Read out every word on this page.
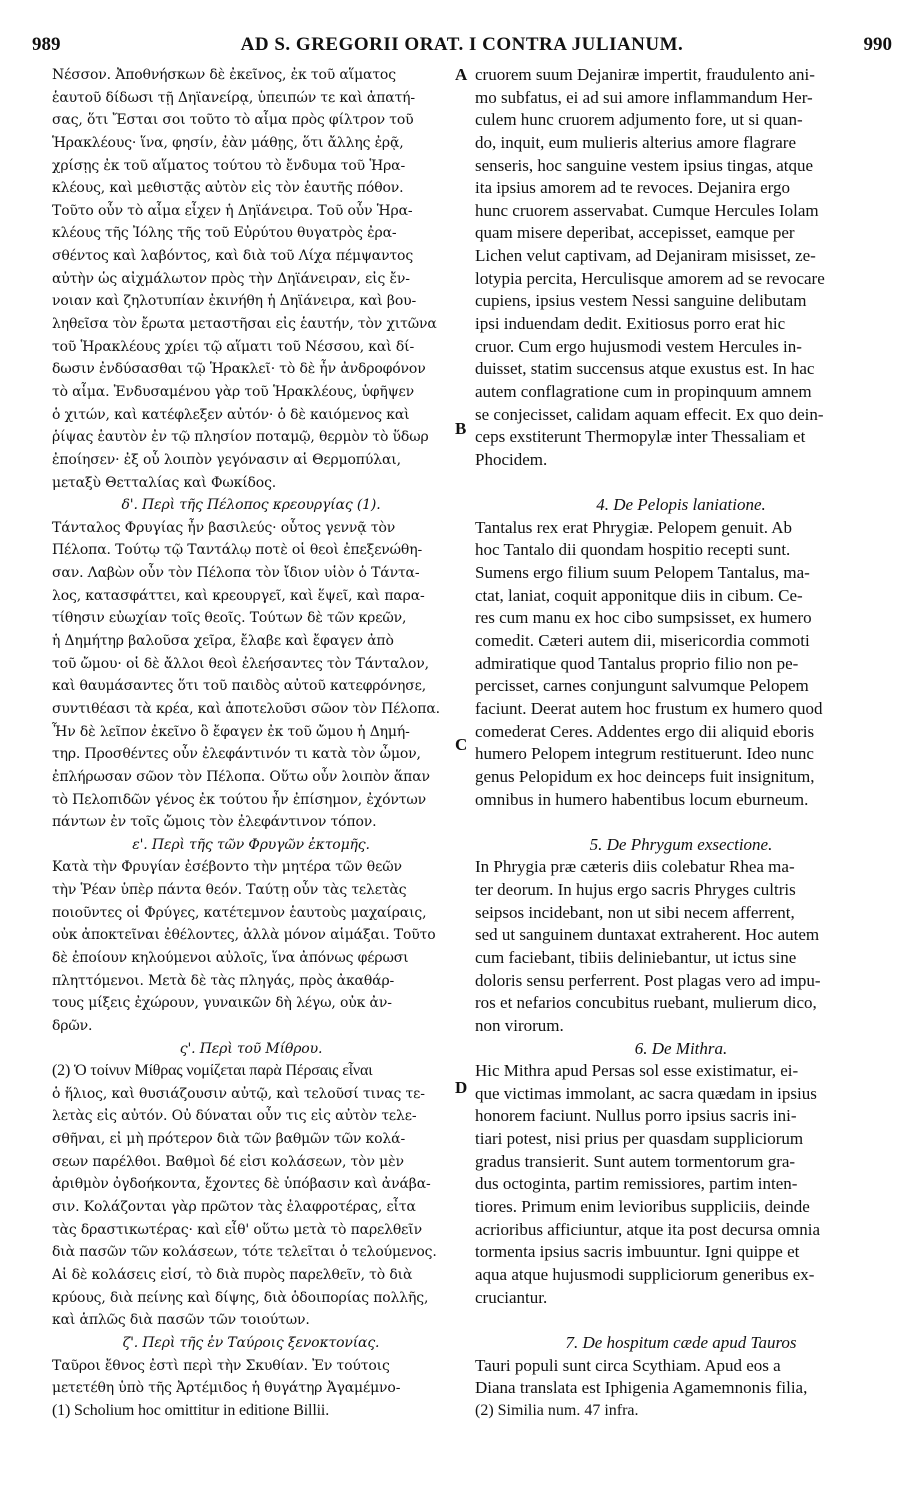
989	AD S. GREGORII ORAT. I CONTRA JULIANUM.	990
Νέσσον. Ἀποθνήσκων δὲ ἐκεῖνος, ἐκ τοῦ αἵματος
ἑαυτοῦ δίδωσι τῇ Δηϊανείρᾳ, ὑπειπών τε καὶ ἀπατή-
σας, ὅτι Ἔσται σοι τοῦτο τὸ αἷμα πρὸς φίλτρον τοῦ
Ἡρακλέους· ἵνα, φησίν, ἐὰν μάθῃς, ὅτι ἄλλης ἐρᾷ,
χρίσῃς ἐκ τοῦ αἵματος τούτου τὸ ἔνδυμα τοῦ Ἡρα-
κλέους, καὶ μεθιστᾷς αὐτὸν εἰς τὸν ἑαυτῆς πόθον.
Τοῦτο οὖν τὸ αἷμα εἶχεν ἡ Δηϊάνειρα. Τοῦ οὖν Ἡρα-
κλέους τῆς Ἰόλης τῆς τοῦ Εὐρύτου θυγατρὸς ἐρα-
σθέντος καὶ λαβόντος, καὶ διὰ τοῦ Λίχα πέμψαντος
αὐτὴν ὡς αἰχμάλωτον πρὸς τὴν Δηϊάνειραν, εἰς ἔν-
νοιαν καὶ ζηλοτυπίαν ἐκινήθη ἡ Δηϊάνειρα, καὶ βου-
ληθεῖσα τὸν ἔρωτα μεταστῆσαι εἰς ἑαυτήν, τὸν χιτῶνα
τοῦ Ἡρακλέους χρίει τῷ αἵματι τοῦ Νέσσου, καὶ δί-
δωσιν ἐνδύσασθαι τῷ Ἡρακλεῖ· τὸ δὲ ἦν ἀνδροφόνον
τὸ αἷμα. Ἐνδυσαμένου γὰρ τοῦ Ἡρακλέους, ὑφῆψεν
ὁ χιτών, καὶ κατέφλεξεν αὐτόν· ὁ δὲ καιόμενος καὶ
ῥίψας ἑαυτὸν ἐν τῷ πλησίον ποταμῷ, θερμὸν τὸ ὕδωρ
ἐποίησεν· ἐξ οὗ λοιπὸν γεγόνασιν αἱ Θερμοπύλαι,
μεταξὺ Θετταλίας καὶ Φωκίδος.
δ'. Περὶ τῆς Πέλοπος κρεουργίας (1).
Τάνταλος Φρυγίας ἦν βασιλεύς· οὗτος γεννᾷ τὸν
Πέλοπα. Τούτῳ τῷ Ταντάλῳ ποτὲ οἱ θεοὶ ἐπεξενώθη-
σαν. Λαβὼν οὖν τὸν Πέλοπα τὸν ἴδιον υἱὸν ὁ Τάντα-
λος, κατασφάττει, καὶ κρεουργεῖ, καὶ ἕψεῖ, καὶ παρα-
τίθησιν εὐωχίαν τοῖς θεοῖς. Τούτων δὲ τῶν κρεῶν,
ἡ Δημήτηρ βαλοῦσα χεῖρα, ἔλαβε καὶ ἔφαγεν ἀπὸ
τοῦ ὤμου· οἱ δὲ ἄλλοι θεοὶ ἐλεήσαντες τὸν Τάνταλον,
καὶ θαυμάσαντες ὅτι τοῦ παιδὸς αὐτοῦ κατεφρόνησε,
συντιθέασι τὰ κρέα, καὶ ἀποτελοῦσι σῶον τὸν Πέλοπα.
Ἦν δὲ λεῖπον ἐκεῖνο ὃ ἔφαγεν ἐκ τοῦ ὤμου ἡ Δημή-
τηρ. Προσθέντες οὖν ἐλεφάντινόν τι κατὰ τὸν ὦμον,
ἐπλήρωσαν σῶον τὸν Πέλοπα. Οὕτω οὖν λοιπὸν ἅπαν
τὸ Πελοπιδῶν γένος ἐκ τούτου ἦν ἐπίσημον, ἐχόντων
πάντων ἐν τοῖς ὤμοις τὸν ἐλεφάντινον τόπον.
ε'. Περὶ τῆς τῶν Φρυγῶν ἐκτομῆς.
Κατὰ τὴν Φρυγίαν ἐσέβοντο τὴν μητέρα τῶν θεῶν
τὴν Ῥέαν ὑπὲρ πάντα θεόν. Ταύτῃ οὖν τὰς τελετὰς
ποιοῦντες οἱ Φρύγες, κατέτεμνον ἑαυτοὺς μαχαίραις,
οὐκ ἀποκτεῖναι ἐθέλοντες, ἀλλὰ μόνον αἱμάξαι. Τοῦτο
δὲ ἐποίουν κηλούμενοι αὐλοῖς, ἵνα ἀπόνως φέρωσι
πληττόμενοι. Μετὰ δὲ τὰς πληγάς, πρὸς ἀκαθάρ-
τους μίξεις ἐχώρουν, γυναικῶν δὴ λέγω, οὐκ ἀν-
δρῶν.
ς'. Περὶ τοῦ Μίθρου.
(2) Ὁ τοίνυν Μίθρας νομίζεται παρὰ Πέρσαις εἶναι
ὁ ἥλιος, καὶ θυσιάζουσιν αὐτῷ, καὶ τελοῦσί τινας τε-
λετὰς εἰς αὐτόν. Οὐ δύναται οὖν τις εἰς αὐτὸν τελε-
σθῆναι, εἰ μὴ πρότερον διὰ τῶν βαθμῶν τῶν κολά-
σεων παρέλθοι. Βαθμοὶ δέ εἰσι κολάσεων, τὸν μὲν
ἀριθμὸν ὀγδοήκοντα, ἔχοντες δὲ ὑπόβασιν καὶ ἀνάβα-
σιν. Κολάζονται γὰρ πρῶτον τὰς ἐλαφροτέρας, εἶτα
τὰς δραστικωτέρας· καὶ εἶθ' οὕτω μετὰ τὸ παρελθεῖν
διὰ πασῶν τῶν κολάσεων, τότε τελεῖται ὁ τελούμενος.
Αἱ δὲ κολάσεις εἰσί, τὸ διὰ πυρὸς παρελθεῖν, τὸ διὰ
κρύους, διὰ πείνης καὶ δίψης, διὰ ὁδοιπορίας πολλῆς,
καὶ ἁπλῶς διὰ πασῶν τῶν τοιούτων.
ζ'. Περὶ τῆς ἐν Ταύροις ξενοκτονίας.
Ταῦροι ἔθνος ἐστὶ περὶ τὴν Σκυθίαν. Ἐν τούτοις
μετετέθη ὑπὸ τῆς Ἀρτέμιδος ἡ θυγάτηρ Ἀγαμέμνο-
(1) Scholium hoc omittitur in editione Billii.
cruorem suum Dejaniræ impertit, fraudulento ani-
mo subfatus, ei ad sui amore inflammandum Her-
culem hunc cruorem adjumento fore, ut si quan-
do, inquit, eum mulieris alterius amore flagrare
senseris, hoc sanguine vestem ipsius tingas, atque
ita ipsius amorem ad te revoces. Dejanira ergo
hunc cruorem asservabat. Cumque Hercules Iolam
quam misere deperibat, accepisset, eamque per
Lichen velut captivam, ad Dejaniram misisset, ze-
lotypia percita, Herculisque amorem ad se revocare
cupiens, ipsius vestem Nessi sanguine delibutam
ipsi induendam dedit. Exitiosus porro erat hic
cruor. Cum ergo hujusmodi vestem Hercules in-
duisset, statim succensus atque exustus est. In hac
autem conflagratione cum in propinquum amnem
se conjecisset, calidam aquam effecit. Ex quo dein-
ceps exstiterunt Thermopylæ inter Thessaliam et
Phocidem.
4. De Pelopis laniatione.
Tantalus rex erat Phrygiæ. Pelopem genuit. Ab
hoc Tantalo dii quondam hospitio recepti sunt.
Sumens ergo filium suum Pelopem Tantalus, ma-
ctat, laniat, coquit apponitque diis in cibum. Ce-
res cum manu ex hoc cibo sumpsisset, ex humero
comedit. Cæteri autem dii, misericordia commoti
admiratique quod Tantalus proprio filio non pe-
percisset, carnes conjungunt salvumque Pelopem
faciunt. Deerat autem hoc frustum ex humero quod
comederat Ceres. Addentes ergo dii aliquid eboris
humero Pelopem integrum restituerunt. Ideo nunc
genus Pelopidum ex hoc deinceps fuit insignitum,
omnibus in humero habentibus locum eburneum.
5. De Phrygum exsectione.
In Phrygia præ cæteris diis colebatur Rhea ma-
ter deorum. In hujus ergo sacris Phryges cultris
seipsos incidebant, non ut sibi necem afferrent,
sed ut sanguinem duntaxat extraherent. Hoc autem
cum faciebant, tibiis deliniebantur, ut ictus sine
doloris sensu perferrent. Post plagas vero ad impu-
ros et nefarios concubitus ruebant, mulierum dico,
non virorum.
6. De Mithra.
Hic Mithra apud Persas sol esse existimatur, ei-
que victimas immolant, ac sacra quædam in ipsius
honorem faciunt. Nullus porro ipsius sacris ini-
tiari potest, nisi prius per quasdam suppliciorum
gradus transierit. Sunt autem tormentorum gra-
dus octoginta, partim remissiores, partim inten-
tiores. Primum enim levioribus suppliciis, deinde
acrioribus afficiuntur, atque ita post decursa omnia
tormenta ipsius sacris imbuuntur. Igni quippe et
aqua atque hujusmodi suppliciorum generibus ex-
cruciantur.
7. De hospitum cæde apud Tauros
Tauri populi sunt circa Scythiam. Apud eos a
Diana translata est Iphigenia Agamemnonis filia,
(2) Similia num. 47 infra.
A
B
C
D
